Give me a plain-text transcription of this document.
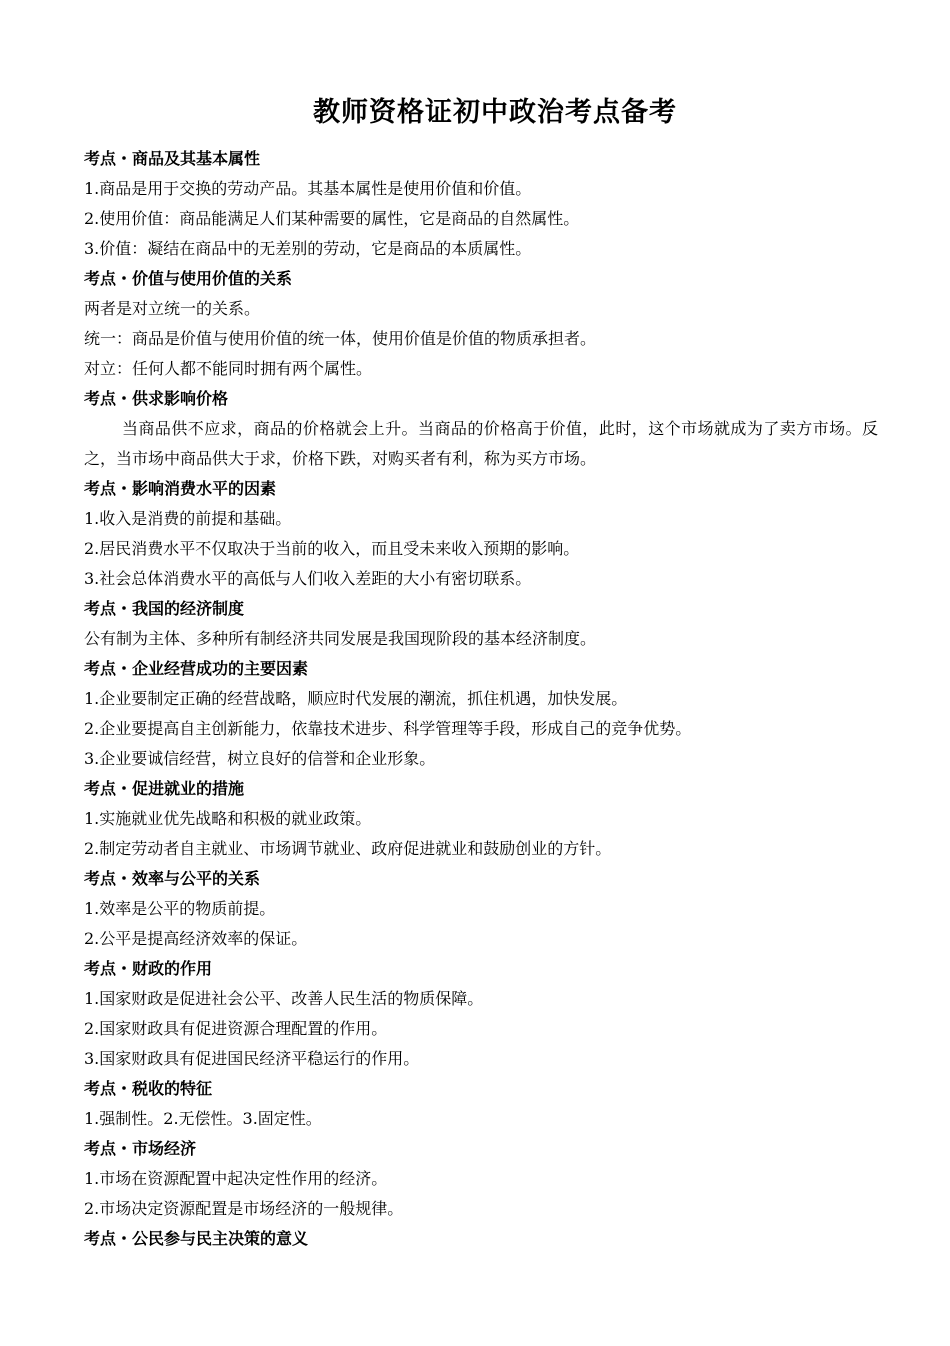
教师资格证初中政治考点备考
考点・商品及其基本属性
1.商品是用于交换的劳动产品。其基本属性是使用价值和价值。
2.使用价值：商品能满足人们某种需要的属性，它是商品的自然属性。
3.价值：凝结在商品中的无差别的劳动，它是商品的本质属性。
考点・价值与使用价值的关系
两者是对立统一的关系。
统一：商品是价值与使用价值的统一体，使用价值是价值的物质承担者。
对立：任何人都不能同时拥有两个属性。
考点・供求影响价格
当商品供不应求，商品的价格就会上升。当商品的价格高于价值，此时，这个市场就成为了卖方市场。反之，当市场中商品供大于求，价格下跌，对购买者有利，称为买方市场。
考点・影响消费水平的因素
1.收入是消费的前提和基础。
2.居民消费水平不仅取决于当前的收入，而且受未来收入预期的影响。
3.社会总体消费水平的高低与人们收入差距的大小有密切联系。
考点・我国的经济制度
公有制为主体、多种所有制经济共同发展是我国现阶段的基本经济制度。
考点・企业经营成功的主要因素
1.企业要制定正确的经营战略，顺应时代发展的潮流，抓住机遇，加快发展。
2.企业要提高自主创新能力，依靠技术进步、科学管理等手段，形成自己的竞争优势。
3.企业要诚信经营，树立良好的信誉和企业形象。
考点・促进就业的措施
1.实施就业优先战略和积极的就业政策。
2.制定劳动者自主就业、市场调节就业、政府促进就业和鼓励创业的方针。
考点・效率与公平的关系
1.效率是公平的物质前提。
2.公平是提高经济效率的保证。
考点・财政的作用
1.国家财政是促进社会公平、改善人民生活的物质保障。
2.国家财政具有促进资源合理配置的作用。
3.国家财政具有促进国民经济平稳运行的作用。
考点・税收的特征
1.强制性。2.无偿性。3.固定性。
考点・市场经济
1.市场在资源配置中起决定性作用的经济。
2.市场决定资源配置是市场经济的一般规律。
考点・公民参与民主决策的意义
